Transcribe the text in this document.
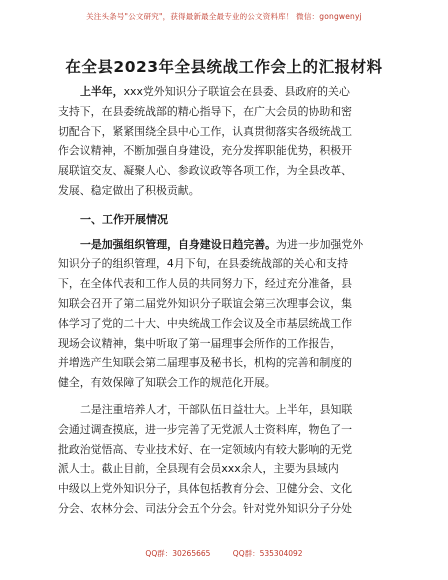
关注头条号"公文研究"，获得最新最全最专业的公文资料库！ 微信：gongwenyj
在全县2023年全县统战工作会上的汇报材料
上半年，xxx党外知识分子联谊会在县委、县政府的关心
支持下，在县委统战部的精心指导下，在广大会员的协助和密
切配合下，紧紧围绕全县中心工作，认真贯彻落实各级统战工
作会议精神，不断加强自身建设，充分发挥职能优势，积极开
展联谊交友、凝聚人心、参政议政等各项工作，为全县改革、
发展、稳定做出了积极贡献。
一、工作开展情况
一是加强组织管理，自身建设日趋完善。为进一步加强党外
知识分子的组织管理，4月下旬，在县委统战部的关心和支持
下，在全体代表和工作人员的共同努力下，经过充分准备，县
知联会召开了第二届党外知识分子联谊会第三次理事会议，集
体学习了党的二十大、中央统战工作会议及全市基层统战工作
现场会议精神，集中听取了第一届理事会所作的工作报告，
并增选产生知联会第二届理事及秘书长，机构的完善和制度的
健全，有效保障了知联会工作的规范化开展。
二是注重培养人才，干部队伍日益壮大。上半年，县知联
会通过调查摸底，进一步完善了无党派人士资料库，物色了一
批政治觉悟高、专业技术好、在一定领域内有较大影响的无党
派人士。截止目前，全县现有会员xxx余人，主要为县域内
中级以上党外知识分子，具体包括教育分会、卫健分会、文化
分会、农林分会、司法分会五个分会。针对党外知识分子分处
QQ群：30265665	QQ群：535304092
